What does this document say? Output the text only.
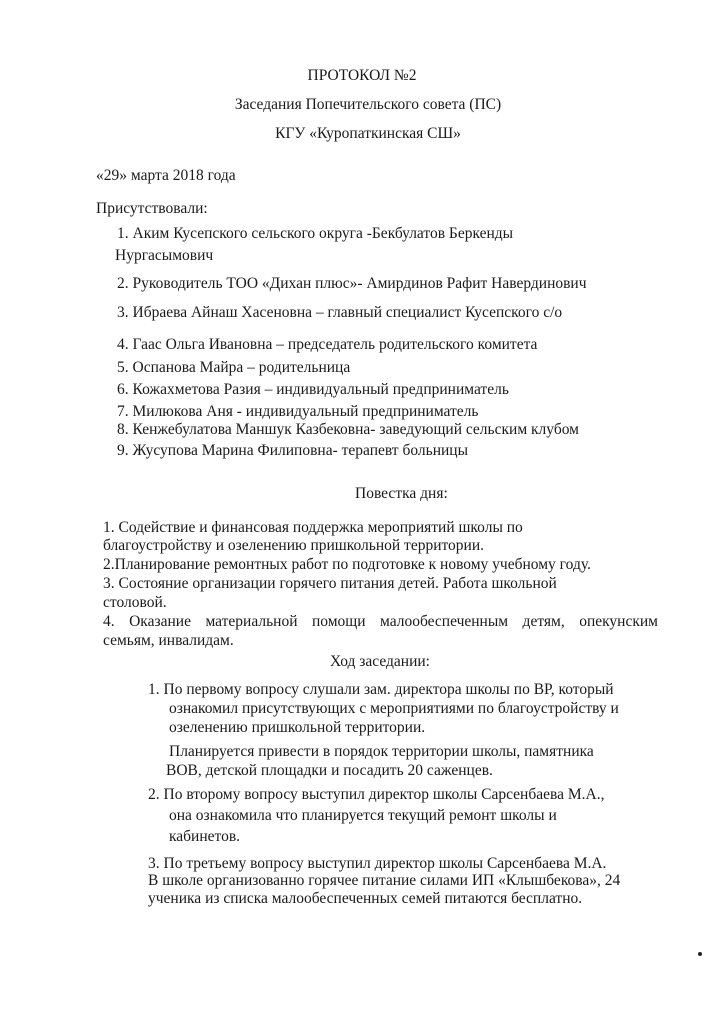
ПРОТОКОЛ №2
Заседания Попечительского совета (ПС)
КГУ «Куропаткинская СШ»
«29» марта 2018 года
Присутствовали:
1. Аким Кусепского сельского округа -Бекбулатов Беркенды
Нургасымович
2. Руководитель ТОО «Дихан плюс»- Амирдинов Рафит Навердинович
3. Ибраева Айнаш Хасеновна – главный специалист Кусепского с/о
4. Гаас Ольга Ивановна – председатель родительского комитета
5. Оспанова Майра – родительница
6. Кожахметова Разия – индивидуальный предприниматель
7. Милюкова Аня - индивидуальный предприниматель
8. Кенжебулатова Маншук Казбековна- заведующий сельским клубом
9. Жусупова Марина Филиповна- терапевт больницы
Повестка дня:
1. Содействие и финансовая поддержка мероприятий школы по
благоустройству и озеленению пришкольной территории.
2.Планирование ремонтных работ по подготовке к новому учебному году.
3. Состояние организации горячего питания детей. Работа школьной
столовой.
4. Оказание материальной помощи малообеспеченным детям, опекунским
семьям, инвалидам.
Ход заседании:
1. По первому вопросу слушали зам. директора школы по ВР, который
ознакомил присутствующих с мероприятиями по благоустройству и
озеленению пришкольной территории.
Планируется привести в порядок территории школы, памятника
ВОВ, детской площадки и посадить 20 саженцев.
2. По второму вопросу выступил директор школы Сарсенбаева М.А.,
она ознакомила что планируется текущий ремонт школы и
кабинетов.
3. По третьему вопросу выступил директор школы Сарсенбаева М.А.
В школе организованно горячее питание силами ИП «Клышбекова», 24
ученика из списка малообеспеченных семей питаются бесплатно.
